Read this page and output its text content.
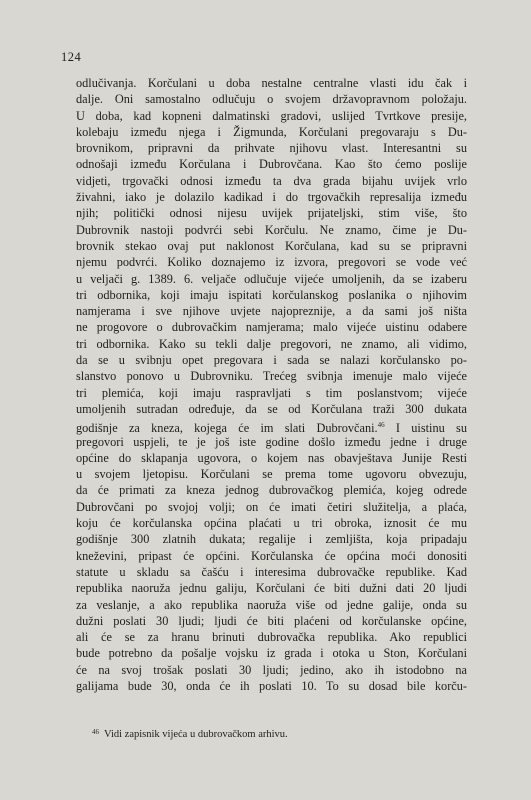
124
odlučivanja. Korčulani u doba nestalne centralne vlasti idu čak i
dalje. Oni samostalno odlučuju o svojem državopravnom položaju.
U doba, kad kopneni dalmatinski gradovi, uslijed Tvrtkove presije,
kolebaju između njega i Žigmunda, Korčulani pregovaraju s Du-
brovnikom, pripravni da prihvate njihovu vlast. Interesantni su
odnošaji između Korčulana i Dubrovčana. Kao što ćemo poslije
vidjeti, trgovački odnosi između ta dva grada bijahu uvijek vrlo
živahni, iako je dolazilo kadikad i do trgovačkih represalija između
njih; politički odnosi nijesu uvijek prijateljski, stim više, što
Dubrovnik nastoji podvrći sebi Korčulu. Ne znamo, čime je Du-
brovnik stekao ovaj put naklonost Korčulana, kad su se pripravni
njemu podvrći. Koliko doznajemo iz izvora, pregovori se vode već
u veljači g. 1389. 6. veljače odlučuje vijeće umoljenih, da se izaberu
tri odbornika, koji imaju ispitati korčulanskog poslanika o njihovim
namjerama i sve njihove uvjete najopreznije, a da sami još ništa
ne progovore o dubrovačkim namjerama; malo vijeće uistinu odabere
tri odbornika. Kako su tekli dalje pregovori, ne znamo, ali vidimo,
da se u svibnju opet pregovara i sada se nalazi korčulansko po-
slanstvo ponovo u Dubrovniku. Trećeg svibnja imenuje malo vijeće
tri plemića, koji imaju raspravljati s tim poslanstvom; vijeće
umoljenih sutradan određuje, da se od Korčulana traži 300 dukata
godišnje za kneza, kojega će im slati Dubrovčani.$^{46}$ I uistinu su
pregovori uspjeli, te je još iste godine došlo između jedne i druge
općine do sklapanja ugovora, o kojem nas obavještava Junije Resti
u svojem ljetopisu. Korčulani se prema tome ugovoru obvezuju,
da će primati za kneza jednog dubrovačkog plemića, kojeg odrede
Dubrovčani po svojoj volji; on će imati četiri služitelja, a plaća,
koju će korčulanska općina plaćati u tri obroka, iznosit će mu
godišnje 300 zlatnih dukata; regalije i zemljišta, koja pripadaju
kneževini, pripast će općini. Korčulanska će općina moći donositi
statute u skladu sa čašću i interesima dubrovačke republike. Kad
republika naoruža jednu galiju, Korčulani će biti dužni dati 20 ljudi
za veslanje, a ako republika naoruža više od jedne galije, onda su
dužni poslati 30 ljudi; ljudi će biti plaćeni od korčulanske općine,
ali će se za hranu brinuti dubrovačka republika. Ako republici
bude potrebno da pošalje vojsku iz grada i otoka u Ston, Korčulani
će na svoj trošak poslati 30 ljudi; jedino, ako ih istodobno na
galijama bude 30, onda će ih poslati 10. To su dosad bile korču-
$^{46}$ Vidi zapisnik vijeća u dubrovačkom arhivu.
